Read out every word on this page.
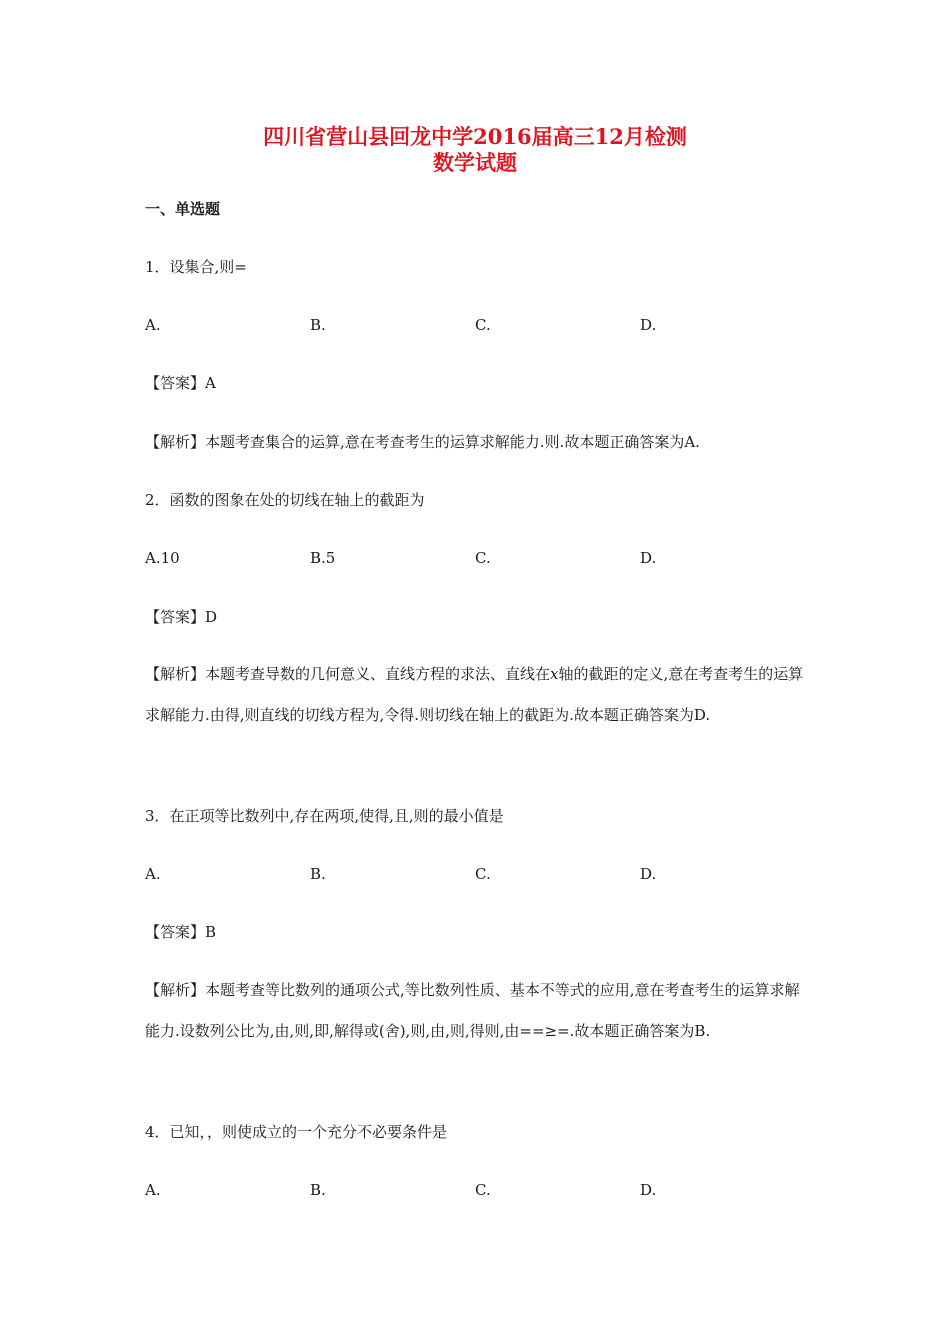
四川省营山县回龙中学2016届高三12月检测
数学试题
一、单选题
1．设集合,则=
A.	B.	C.	D.
【答案】A
【解析】本题考查集合的运算,意在考查考生的运算求解能力.则.故本题正确答案为A.
2．函数的图象在处的切线在轴上的截距为
A.10	B.5	C.	D.
【答案】D
【解析】本题考查导数的几何意义、直线方程的求法、直线在x轴的截距的定义,意在考查考生的运算求解能力.由得,则直线的切线方程为,令得.则切线在轴上的截距为.故本题正确答案为D.
3．在正项等比数列中,存在两项,使得,且,则的最小值是
A.	B.	C.	D.
【答案】B
【解析】本题考查等比数列的通项公式,等比数列性质、基本不等式的应用,意在考查考生的运算求解能力.设数列公比为,由,则,即,解得或(舍),则,由,则,得则,由==≥=.故本题正确答案为B.
4．已知，，则使成立的一个充分不必要条件是
A.	B.	C.	D.
